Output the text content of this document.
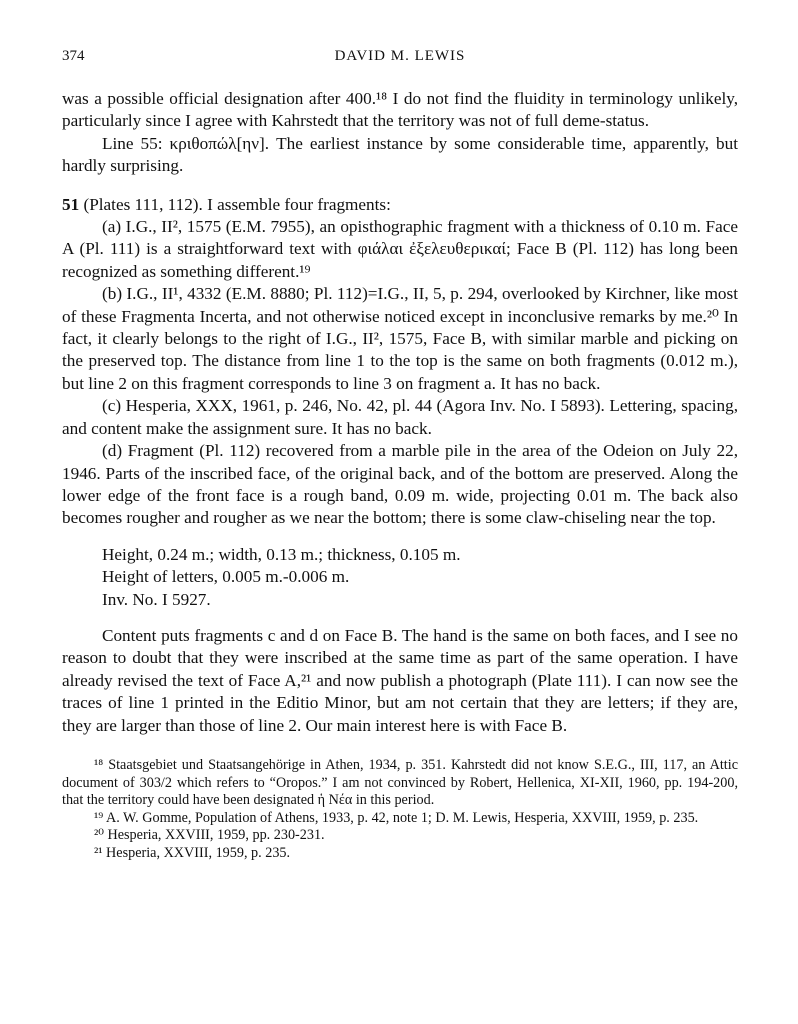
374	DAVID M. LEWIS

was a possible official designation after 400.¹⁸ I do not find the fluidity in terminology unlikely, particularly since I agree with Kahrstedt that the territory was not of full deme-status.

Line 55: κριθοπώλ[ην]. The earliest instance by some considerable time, apparently, but hardly surprising.

51 (Plates 111, 112). I assemble four fragments:

(a) I.G., II², 1575 (E.M. 7955), an opisthographic fragment with a thickness of 0.10 m. Face A (Pl. 111) is a straightforward text with φιάλαι ἐξελευθερικαί; Face B (Pl. 112) has long been recognized as something different.¹⁹

(b) I.G., II¹, 4332 (E.M. 8880; Pl. 112)=I.G., II, 5, p. 294, overlooked by Kirchner, like most of these Fragmenta Incerta, and not otherwise noticed except in inconclusive remarks by me.²⁰ In fact, it clearly belongs to the right of I.G., II², 1575, Face B, with similar marble and picking on the preserved top. The distance from line 1 to the top is the same on both fragments (0.012 m.), but line 2 on this fragment corresponds to line 3 on fragment a. It has no back.

(c) Hesperia, XXX, 1961, p. 246, No. 42, pl. 44 (Agora Inv. No. I 5893). Lettering, spacing, and content make the assignment sure. It has no back.

(d) Fragment (Pl. 112) recovered from a marble pile in the area of the Odeion on July 22, 1946. Parts of the inscribed face, of the original back, and of the bottom are preserved. Along the lower edge of the front face is a rough band, 0.09 m. wide, projecting 0.01 m. The back also becomes rougher and rougher as we near the bottom; there is some claw-chiseling near the top.

Height, 0.24 m.; width, 0.13 m.; thickness, 0.105 m.

Height of letters, 0.005 m.-0.006 m.

Inv. No. I 5927.

Content puts fragments c and d on Face B. The hand is the same on both faces, and I see no reason to doubt that they were inscribed at the same time as part of the same operation. I have already revised the text of Face A,²¹ and now publish a photograph (Plate 111). I can now see the traces of line 1 printed in the Editio Minor, but am not certain that they are letters; if they are, they are larger than those of line 2. Our main interest here is with Face B.

¹⁸ Staatsgebiet und Staatsangehörige in Athen, 1934, p. 351. Kahrstedt did not know S.E.G., III, 117, an Attic document of 303/2 which refers to “Oropos.” I am not convinced by Robert, Hellenica, XI-XII, 1960, pp. 194-200, that the territory could have been designated ἡ Νέα in this period.

¹⁹ A. W. Gomme, Population of Athens, 1933, p. 42, note 1; D. M. Lewis, Hesperia, XXVIII, 1959, p. 235.

²⁰ Hesperia, XXVIII, 1959, pp. 230-231.

²¹ Hesperia, XXVIII, 1959, p. 235.
